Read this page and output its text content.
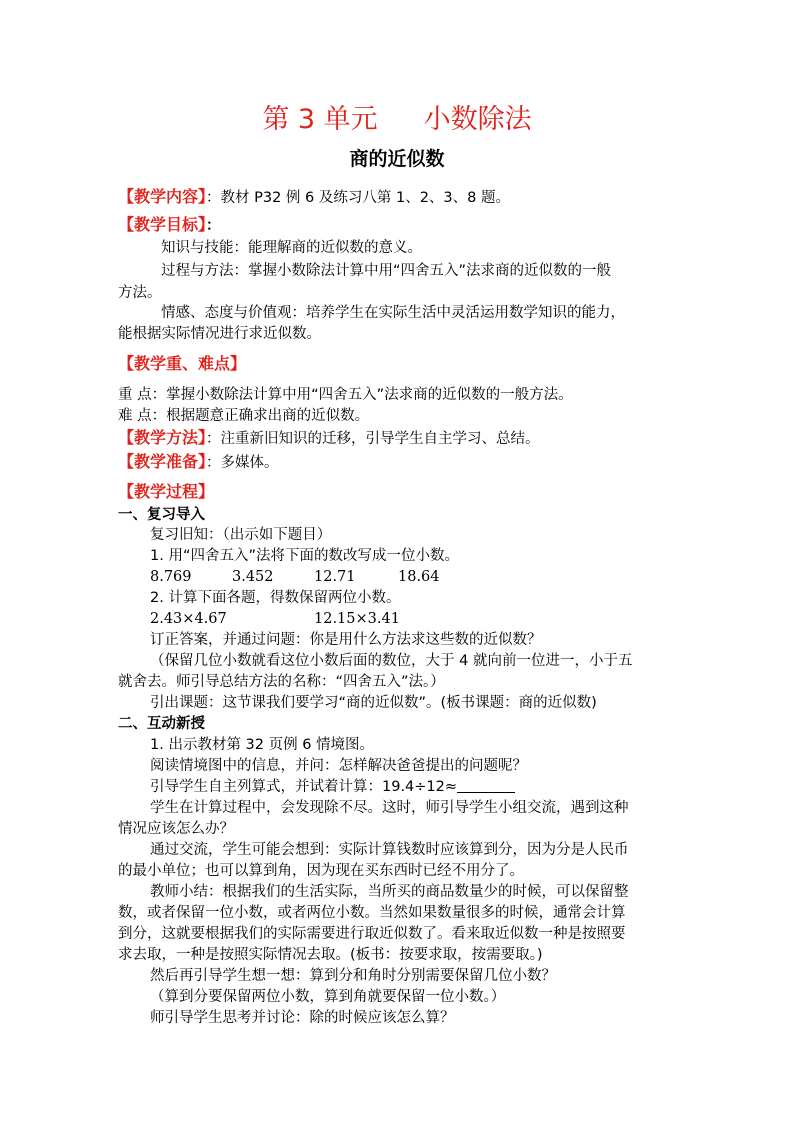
第 3 单元 小数除法
商的近似数
【教学内容】：教材 P32 例 6 及练习八第 1、2、3、8 题。
【教学目标】：
知识与技能：能理解商的近似数的意义。
过程与方法：掌握小数除法计算中用“四舍五入”法求商的近似数的一般
方法。
情感、态度与价值观：培养学生在实际生活中灵活运用数学知识的能力，
能根据实际情况进行求近似数。
【教学重、难点】
重 点：掌握小数除法计算中用“四舍五入”法求商的近似数的一般方法。
难 点：根据题意正确求出商的近似数。
【教学方法】：注重新旧知识的迁移，引导学生自主学习、总结。
【教学准备】：多媒体。
【教学过程】
一、复习导入
复习旧知：（出示如下题目）
1. 用“四舍五入”法将下面的数改写成一位小数。
8.769	3.452	12.71	18.64
2. 计算下面各题，得数保留两位小数。
2.43×4.67	12.15×3.41
订正答案，并通过问题：你是用什么方法求这些数的近似数？
（保留几位小数就看这位小数后面的数位，大于 4 就向前一位进一，小于五
就舍去。师引导总结方法的名称：“四舍五入”法。）
引出课题：这节课我们要学习“商的近似数”。(板书课题：商的近似数)
二、互动新授
1. 出示教材第 32 页例 6 情境图。
阅读情境图中的信息，并问：怎样解决爸爸提出的问题呢？
引导学生自主列算式，并试着计算：19.4÷12≈
学生在计算过程中，会发现除不尽。这时，师引导学生小组交流，遇到这种
情况应该怎么办？
通过交流，学生可能会想到：实际计算钱数时应该算到分，因为分是人民币
的最小单位；也可以算到角，因为现在买东西时已经不用分了。
教师小结：根据我们的生活实际，当所买的商品数量少的时候，可以保留整
数，或者保留一位小数，或者两位小数。当然如果数量很多的时候，通常会计算
到分，这就要根据我们的实际需要进行取近似数了。看来取近似数一种是按照要
求去取，一种是按照实际情况去取。(板书：按要求取，按需要取。)
然后再引导学生想一想：算到分和角时分别需要保留几位小数？
（算到分要保留两位小数，算到角就要保留一位小数。）
师引导学生思考并讨论：除的时候应该怎么算？
